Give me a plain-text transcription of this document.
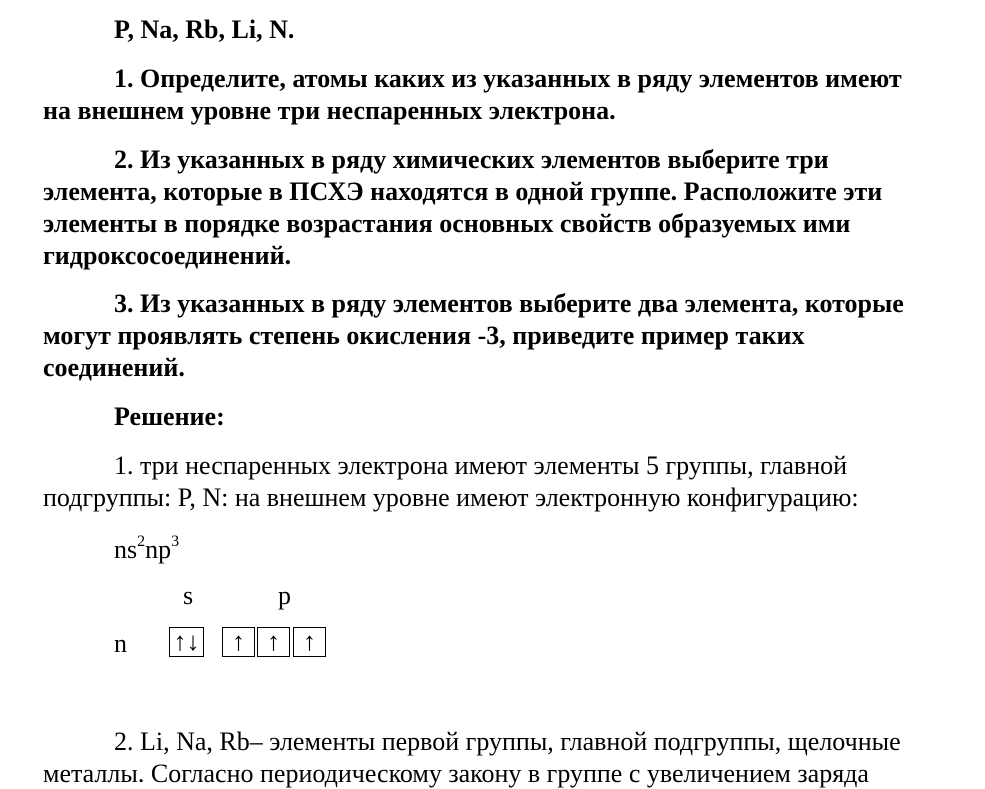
P, Na, Rb, Li, N.
1. Определите, атомы каких из указанных в ряду элементов имеют
на внешнем уровне три неспаренных электрона.
2. Из указанных в ряду химических элементов выберите три
элемента, которые в ПСХЭ находятся в одной группе. Расположите эти
элементы в порядке возрастания основных свойств образуемых ими
гидроксосоединений.
3. Из указанных в ряду элементов выберите два элемента, которые
могут проявлять степень окисления -3, приведите пример таких
соединений.
Решение:
1. три неспаренных электрона имеют элементы 5 группы, главной
подгруппы: P, N: на внешнем уровне имеют электронную конфигурацию:
$ns^2np^3$
s	p
n ↑↓	↑ ↑ ↑
2. Li, Na, Rb– элементы первой группы, главной подгруппы, щелочные
металлы. Согласно периодическому закону в группе с увеличением заряда
